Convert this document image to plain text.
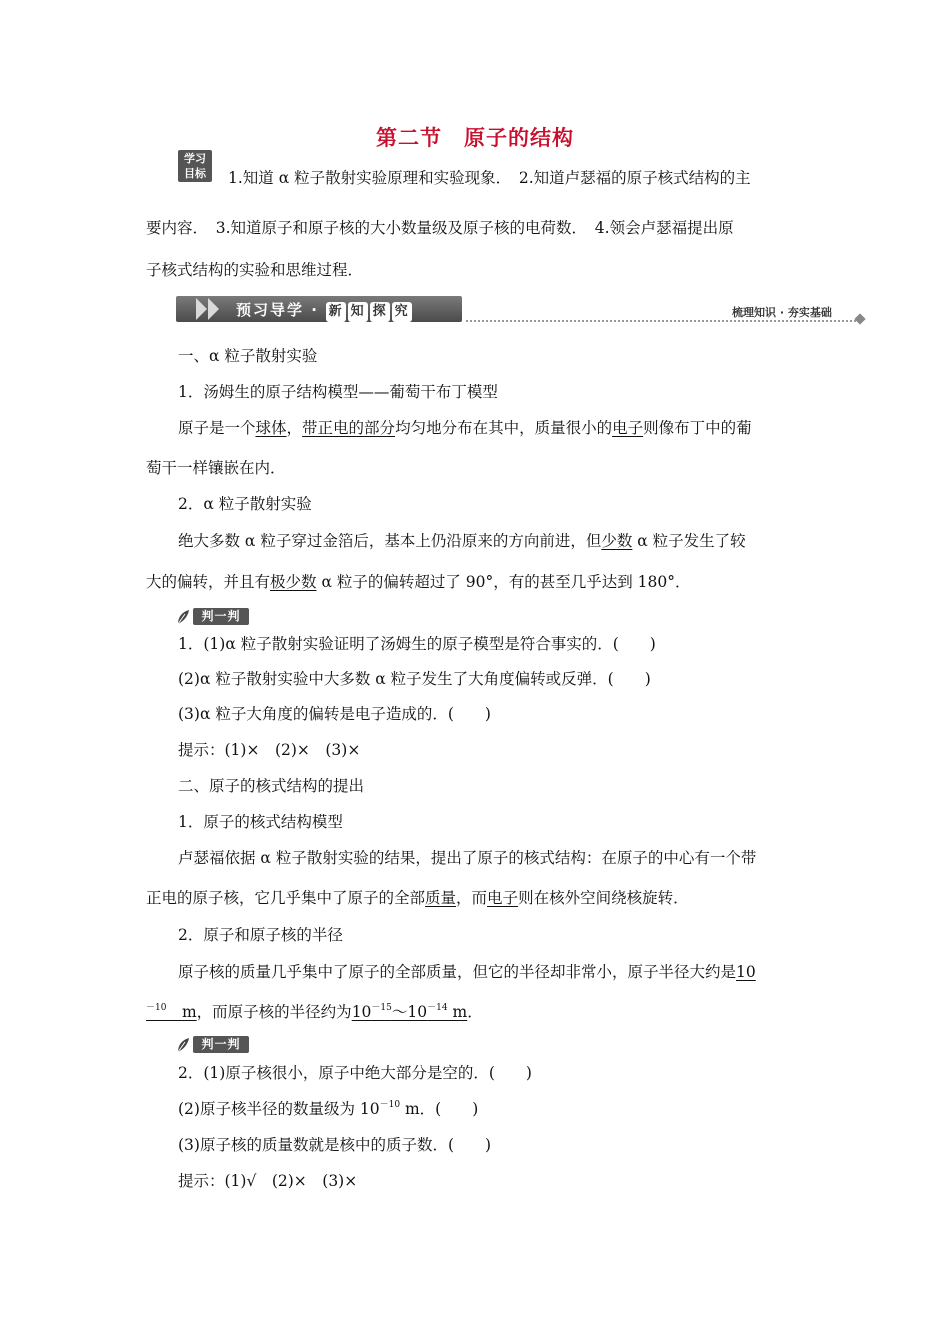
第二节　原子的结构
学习
目标	1.知道 α 粒子散射实验原理和实验现象．　2.知道卢瑟福的原子核式结构的主
要内容．　3.知道原子和原子核的大小数量级及原子核的电荷数．　4.领会卢瑟福提出原
子核式结构的实验和思维过程．
预习导学 · 新 知 探 究	梳理知识 · 夯实基础
一、α 粒子散射实验
1．汤姆生的原子结构模型——葡萄干布丁模型
原子是一个球体，带正电的部分均匀地分布在其中，质量很小的电子则像布丁中的葡
萄干一样镶嵌在内．
2．α 粒子散射实验
绝大多数 α 粒子穿过金箔后，基本上仍沿原来的方向前进，但少数 α 粒子发生了较
大的偏转，并且有极少数 α 粒子的偏转超过了 90°，有的甚至几乎达到 180°．
判一判
1．(1)α 粒子散射实验证明了汤姆生的原子模型是符合事实的．(　　)
(2)α 粒子散射实验中大多数 α 粒子发生了大角度偏转或反弹．(　　)
(3)α 粒子大角度的偏转是电子造成的．(　　)
提示：(1)×　(2)×　(3)×
二、原子的核式结构的提出
1．原子的核式结构模型
卢瑟福依据 α 粒子散射实验的结果，提出了原子的核式结构：在原子的中心有一个带
正电的原子核，它几乎集中了原子的全部质量，而电子则在核外空间绕核旋转．
2．原子和原子核的半径
原子核的质量几乎集中了原子的全部质量，但它的半径却非常小，原子半径大约是10
$^{-10}$　 m，而原子核的半径约为$10^{-15}\sim 10^{-14}$ m．
判一判
2．(1)原子核很小，原子中绝大部分是空的．(　　)
(2)原子核半径的数量级为 $10^{-10}$ m．(　　)
(3)原子核的质量数就是核中的质子数．(　　)
提示：(1)√　(2)×　(3)×
